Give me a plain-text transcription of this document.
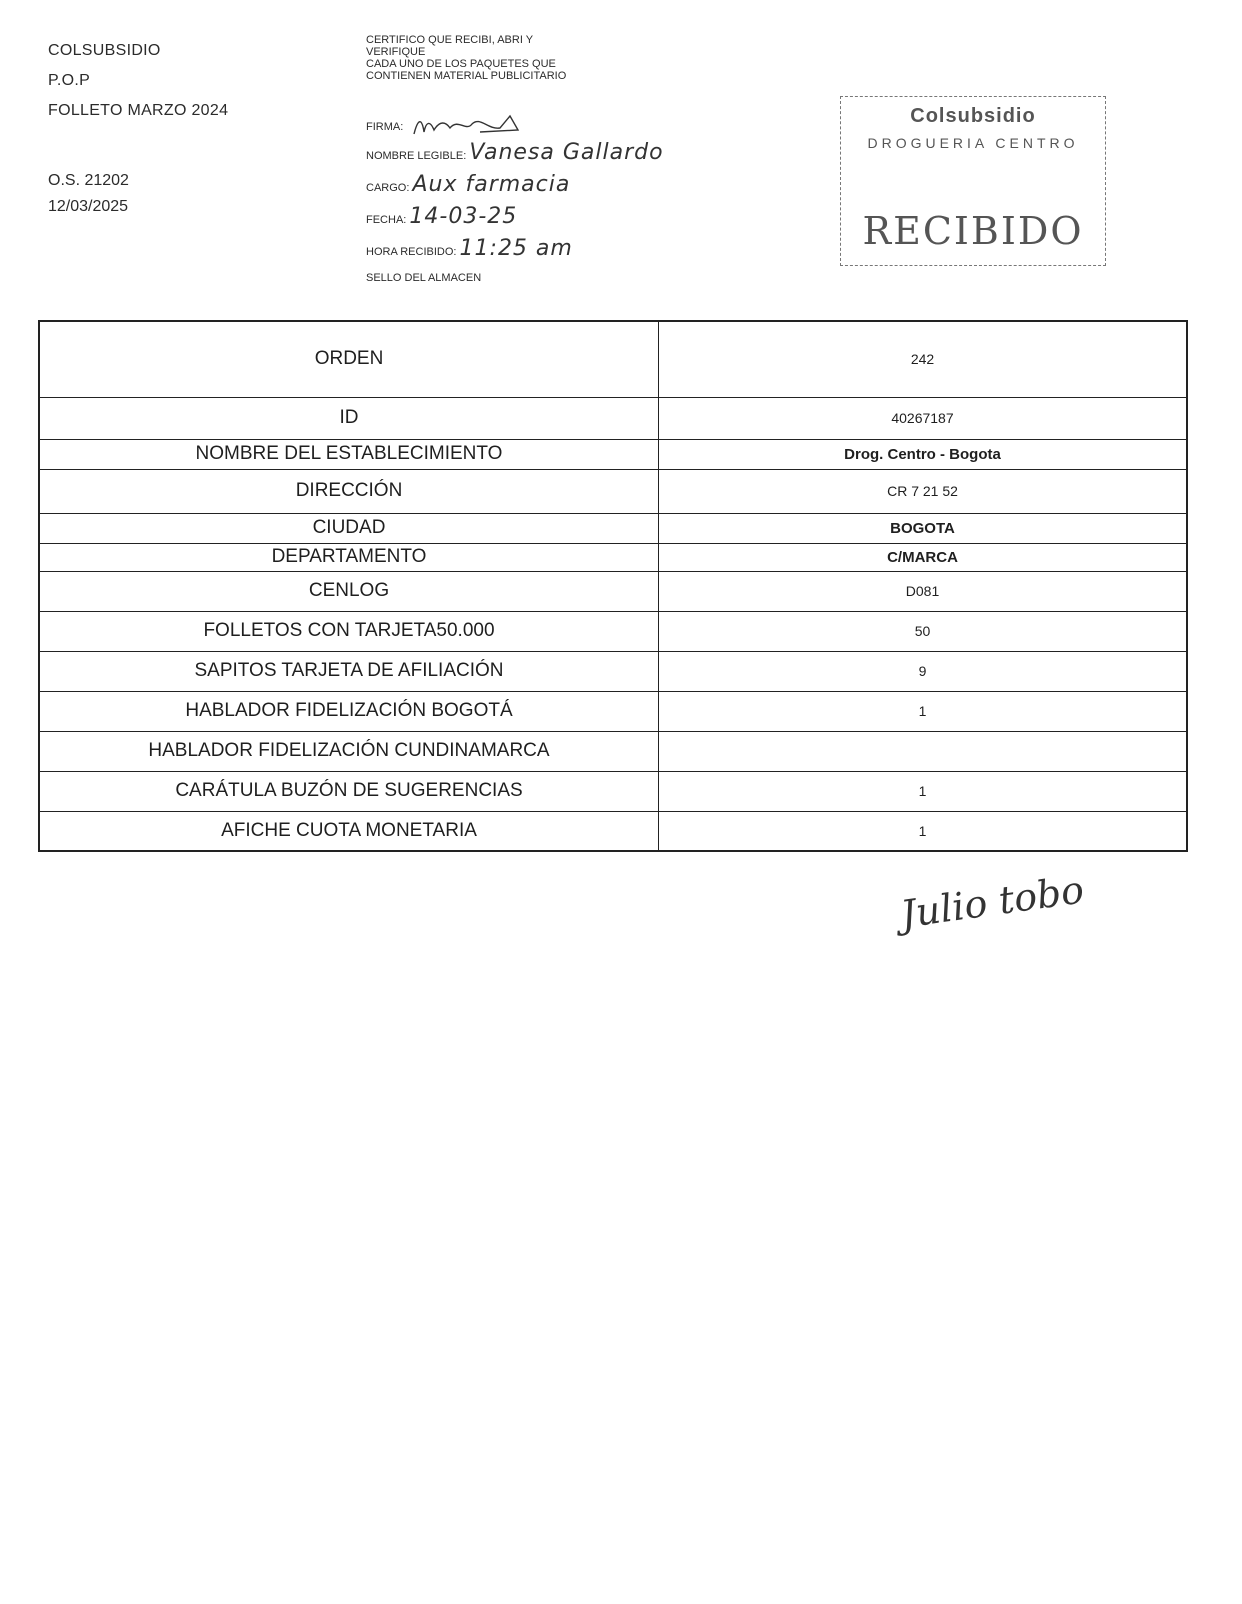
COLSUBSIDIO
P.O.P
FOLLETO MARZO 2024
O.S. 21202
12/03/2025
CERTIFICO QUE RECIBI, ABRI Y
VERIFIQUE
CADA UNO DE LOS PAQUETES QUE
CONTIENEN MATERIAL PUBLICITARIO
FIRMA:
NOMBRE LEGIBLE: Vanesa Gallardo
CARGO: Aux farmacia
FECHA: 14-03-25
HORA RECIBIDO: 11:25 am
SELLO DEL ALMACEN
Colsubsidio
DROGUERIA CENTRO
RECIBIDO
ORDEN	242
ID	40267187
NOMBRE DEL ESTABLECIMIENTO	Drog. Centro - Bogota
DIRECCIÓN	CR 7 21 52
CIUDAD	BOGOTA
DEPARTAMENTO	C/MARCA
CENLOG	D081
FOLLETOS CON TARJETA50.000	50
SAPITOS TARJETA DE AFILIACIÓN	9
HABLADOR FIDELIZACIÓN BOGOTÁ	1
HABLADOR FIDELIZACIÓN CUNDINAMARCA	
CARÁTULA BUZÓN DE SUGERENCIAS	1
AFICHE CUOTA MONETARIA	1
Julio tobo
